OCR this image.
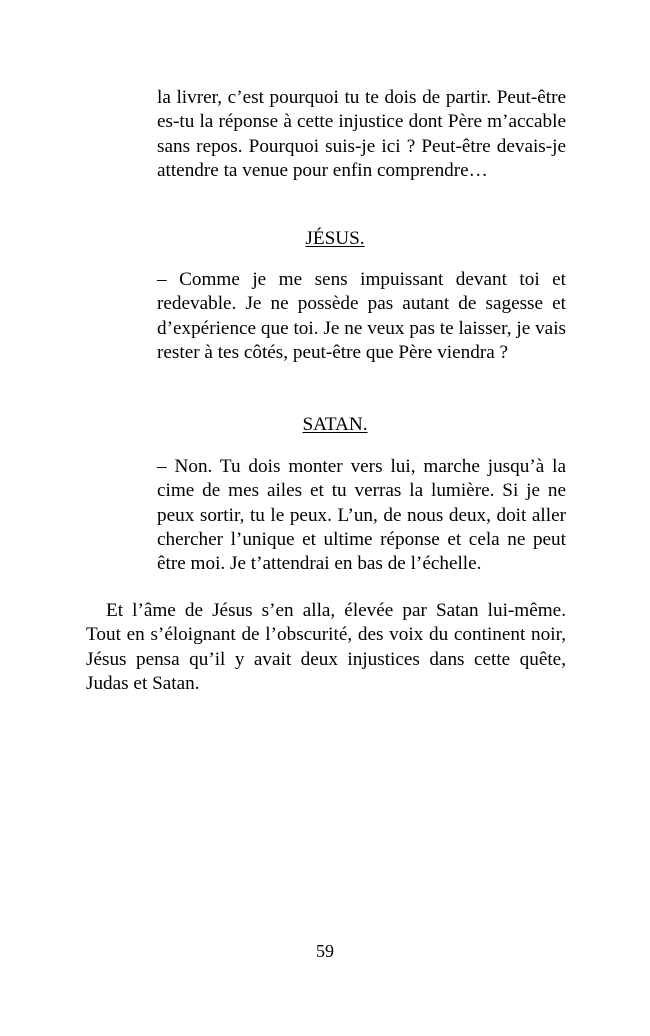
la livrer, c’est pourquoi tu te dois de partir. Peut-être es-tu la réponse à cette injustice dont Père m’accable sans repos. Pourquoi suis-je ici ? Peut-être devais-je attendre ta venue pour enfin comprendre…

JÉSUS.

– Comme je me sens impuissant devant toi et redevable. Je ne possède pas autant de sagesse et d’expérience que toi. Je ne veux pas te laisser, je vais rester à tes côtés, peut-être que Père viendra ?

SATAN.

– Non. Tu dois monter vers lui, marche jusqu’à la cime de mes ailes et tu verras la lumière. Si je ne peux sortir, tu le peux. L’un, de nous deux, doit aller chercher l’unique et ultime réponse et cela ne peut être moi. Je t’attendrai en bas de l’échelle.

Et l’âme de Jésus s’en alla, élevée par Satan lui-même. Tout en s’éloignant de l’obscurité, des voix du continent noir, Jésus pensa qu’il y avait deux injustices dans cette quête, Judas et Satan.

59
